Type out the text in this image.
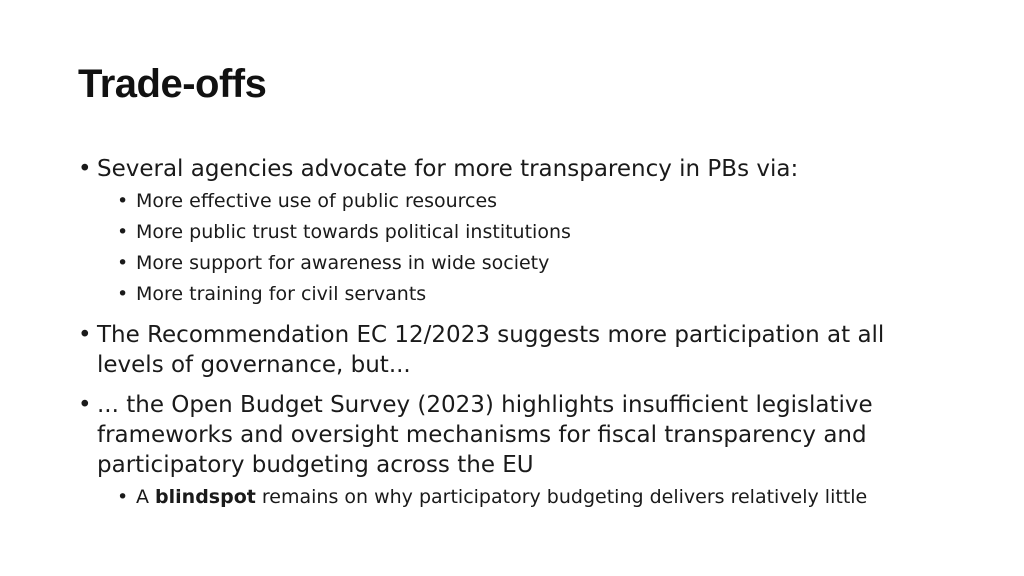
Trade-offs
• Several agencies advocate for more transparency in PBs via:
• More effective use of public resources
• More public trust towards political institutions
• More support for awareness in wide society
• More training for civil servants
• The Recommendation EC 12/2023 suggests more participation at all levels of governance, but...
• ... the Open Budget Survey (2023) highlights insufficient legislative frameworks and oversight mechanisms for fiscal transparency and participatory budgeting across the EU
• A blindspot remains on why participatory budgeting delivers relatively little
